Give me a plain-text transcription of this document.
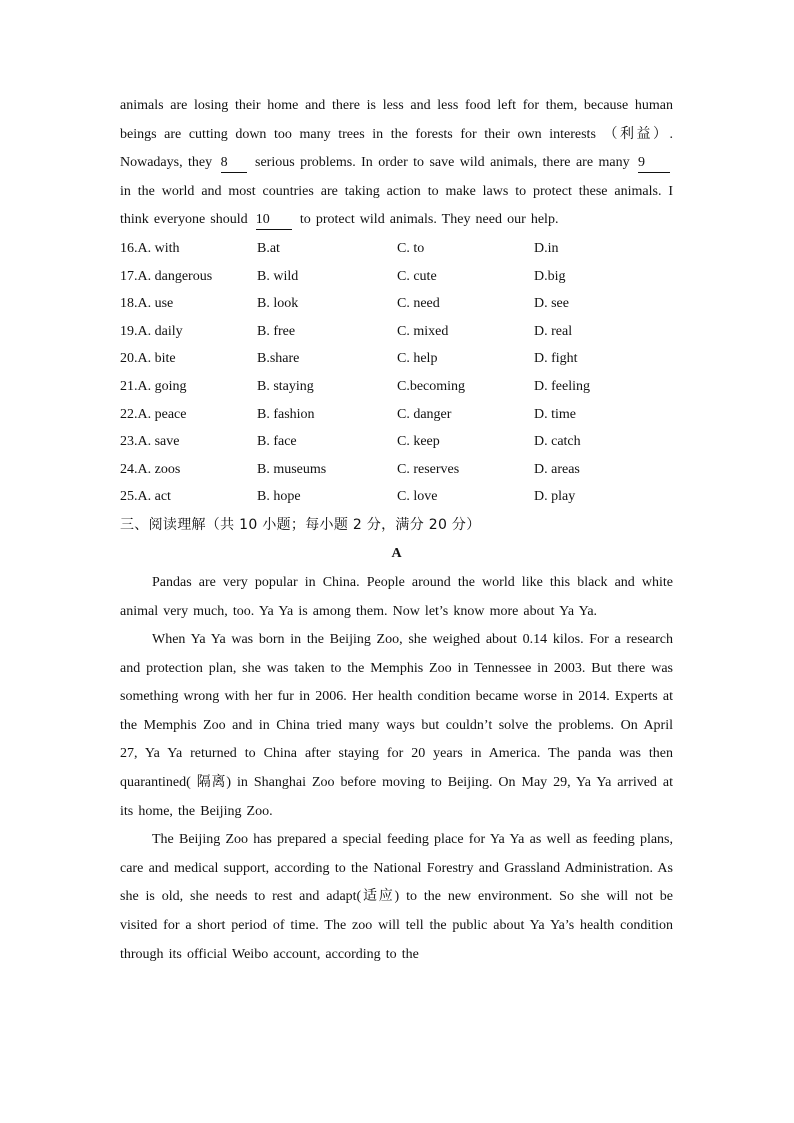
animals are losing their home and there is less and less food left for them, because human beings are cutting down too many trees in the forests for their own interests （利益）. Nowadays, they 8 serious problems. In order to save wild animals, there are many 9 in the world and most countries are taking action to make laws to protect these animals. I think everyone should 10 to protect wild animals. They need our help.

16.A. with	B.at	C. to	D.in
17.A. dangerous	B. wild	C. cute	D.big
18.A. use	B. look	C. need	D. see
19.A. daily	B. free	C. mixed	D. real
20.A. bite	B.share	C. help	D. fight
21.A. going	B. staying	C.becoming	D. feeling
22.A. peace	B. fashion	C. danger	D. time
23.A. save	B. face	C. keep	D. catch
24.A. zoos	B. museums	C. reserves	D. areas
25.A. act	B. hope	C. love	D. play

三、阅读理解（共 10 小题；每小题 2 分，满分 20 分）

A

Pandas are very popular in China. People around the world like this black and white animal very much, too. Ya Ya is among them. Now let’s know more about Ya Ya.

When Ya Ya was born in the Beijing Zoo, she weighed about 0.14 kilos. For a research and protection plan, she was taken to the Memphis Zoo in Tennessee in 2003. But there was something wrong with her fur in 2006. Her health condition became worse in 2014. Experts at the Memphis Zoo and in China tried many ways but couldn’t solve the problems. On April 27, Ya Ya returned to China after staying for 20 years in America. The panda was then quarantined( 隔离) in Shanghai Zoo before moving to Beijing. On May 29, Ya Ya arrived at its home, the Beijing Zoo.

The Beijing Zoo has prepared a special feeding place for Ya Ya as well as feeding plans, care and medical support, according to the National Forestry and Grassland Administration. As she is old, she needs to rest and adapt(适应) to the new environment. So she will not be visited for a short period of time. The zoo will tell the public about Ya Ya’s health condition through its official Weibo account, according to the
